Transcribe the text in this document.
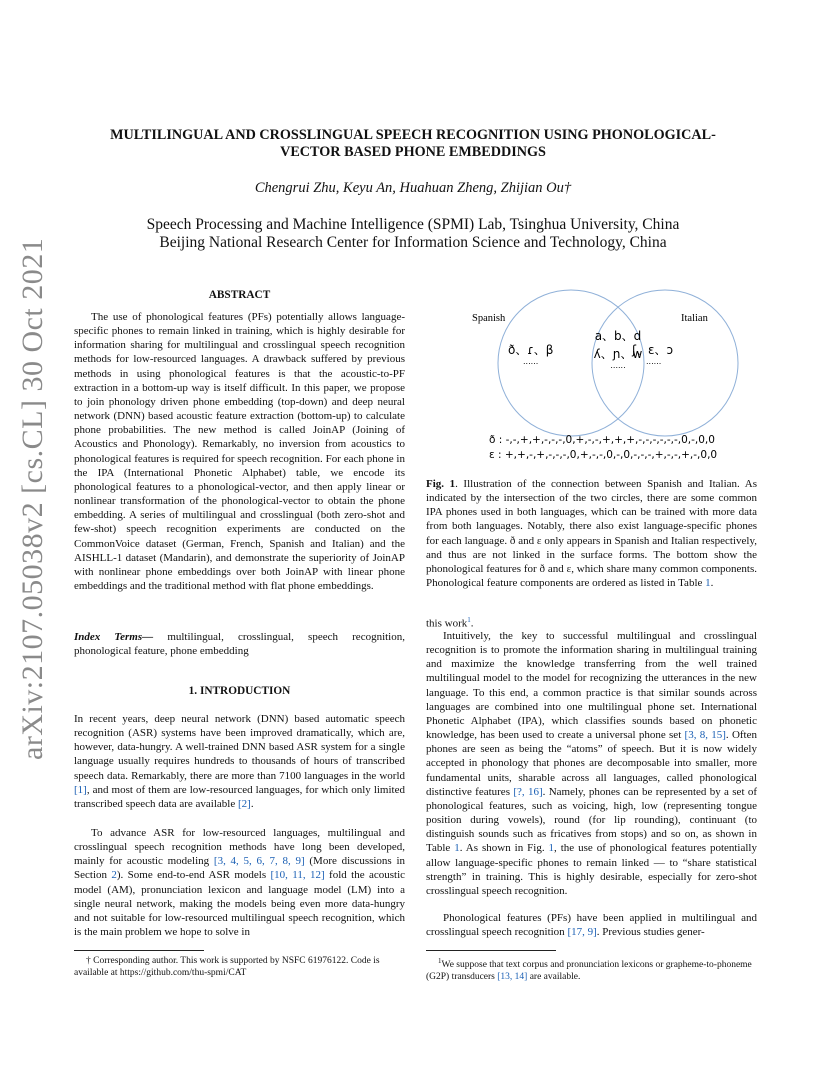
arXiv:2107.05038v2 [cs.CL] 30 Oct 2021
MULTILINGUAL AND CROSSLINGUAL SPEECH RECOGNITION USING PHONOLOGICAL-VECTOR BASED PHONE EMBEDDINGS
Chengrui Zhu, Keyu An, Huahuan Zheng, Zhijian Ou†
Speech Processing and Machine Intelligence (SPMI) Lab, Tsinghua University, China
Beijing National Research Center for Information Science and Technology, China
ABSTRACT
The use of phonological features (PFs) potentially allows language-specific phones to remain linked in training, which is highly desirable for information sharing for multilingual and crosslingual speech recognition methods for low-resourced languages. A drawback suffered by previous methods in using phonological features is that the acoustic-to-PF extraction in a bottom-up way is itself difficult. In this paper, we propose to join phonology driven phone embedding (top-down) and deep neural network (DNN) based acoustic feature extraction (bottom-up) to calculate phone probabilities. The new method is called JoinAP (Joining of Acoustics and Phonology). Remarkably, no inversion from acoustics to phonological features is required for speech recognition. For each phone in the IPA (International Phonetic Alphabet) table, we encode its phonological features to a phonological-vector, and then apply linear or nonlinear transformation of the phonological-vector to obtain the phone embedding. A series of multilingual and crosslingual (both zero-shot and few-shot) speech recognition experiments are conducted on the CommonVoice dataset (German, French, Spanish and Italian) and the AISHLL-1 dataset (Mandarin), and demonstrate the superiority of JoinAP with nonlinear phone embeddings over both JoinAP with linear phone embeddings and the traditional method with flat phone embeddings.
Index Terms— multilingual, crosslingual, speech recognition, phonological feature, phone embedding
1. INTRODUCTION
In recent years, deep neural network (DNN) based automatic speech recognition (ASR) systems have been improved dramatically, which are, however, data-hungry. A well-trained DNN based ASR system for a single language usually requires hundreds to thousands of hours of transcribed speech data. Remarkably, there are more than 7100 languages in the world [1], and most of them are low-resourced languages, for which only limited transcribed speech data are available [2].
To advance ASR for low-resourced languages, multilingual and crosslingual speech recognition methods have long been developed, mainly for acoustic modeling [3, 4, 5, 6, 7, 8, 9] (More discussions in Section 2). Some end-to-end ASR models [10, 11, 12] fold the acoustic model (AM), pronunciation lexicon and language model (LM) into a single neural network, making the models being even more data-hungry and not suitable for low-resourced multilingual speech recognition, which is the main problem we hope to solve in
† Corresponding author. This work is supported by NSFC 61976122. Code is available at https://github.com/thu-spmi/CAT
Spanish	Italian
ð、ɾ、β
......
a、b、d
ʎ、ɲ、w
......
ʃ、ɛ、ɔ
......
ð : -,-,+,+,-,-,-,0,+,-,-,+,+,+,-,-,-,-,-,-,0,-,0,0
ɛ : +,+,-,+,-,-,-,0,+,-,-,0,-,0,-,-,-,+,-,-,+,-,0,0
Fig. 1. Illustration of the connection between Spanish and Italian. As indicated by the intersection of the two circles, there are some common IPA phones used in both languages, which can be trained with more data from both languages. Notably, there also exist language-specific phones for each language. ð and ɛ only appears in Spanish and Italian respectively, and thus are not linked in the surface forms. The bottom show the phonological features for ð and ɛ, which share many common components. Phonological feature components are ordered as listed in Table 1.
this work$^1$.
Intuitively, the key to successful multilingual and crosslingual recognition is to promote the information sharing in multilingual training and maximize the knowledge transferring from the well trained multilingual model to the model for recognizing the utterances in the new language. To this end, a common practice is that similar sounds across languages are combined into one multilingual phone set. International Phonetic Alphabet (IPA), which classifies sounds based on phonetic knowledge, has been used to create a universal phone set [3, 8, 15]. Often phones are seen as being the “atoms” of speech. But it is now widely accepted in phonology that phones are decomposable into smaller, more fundamental units, sharable across all languages, called phonological distinctive features [?, 16]. Namely, phones can be represented by a set of phonological features, such as voicing, high, low (representing tongue position during vowels), round (for lip rounding), continuant (to distinguish sounds such as fricatives from stops) and so on, as shown in Table 1. As shown in Fig. 1, the use of phonological features potentially allow language-specific phones to remain linked — to “share statistical strength” in training. This is highly desirable, especially for zero-shot crosslingual speech recognition.
Phonological features (PFs) have been applied in multilingual and crosslingual speech recognition [17, 9]. Previous studies gener-
$^1$We suppose that text corpus and pronunciation lexicons or grapheme-to-phoneme (G2P) transducers [13, 14] are available.
